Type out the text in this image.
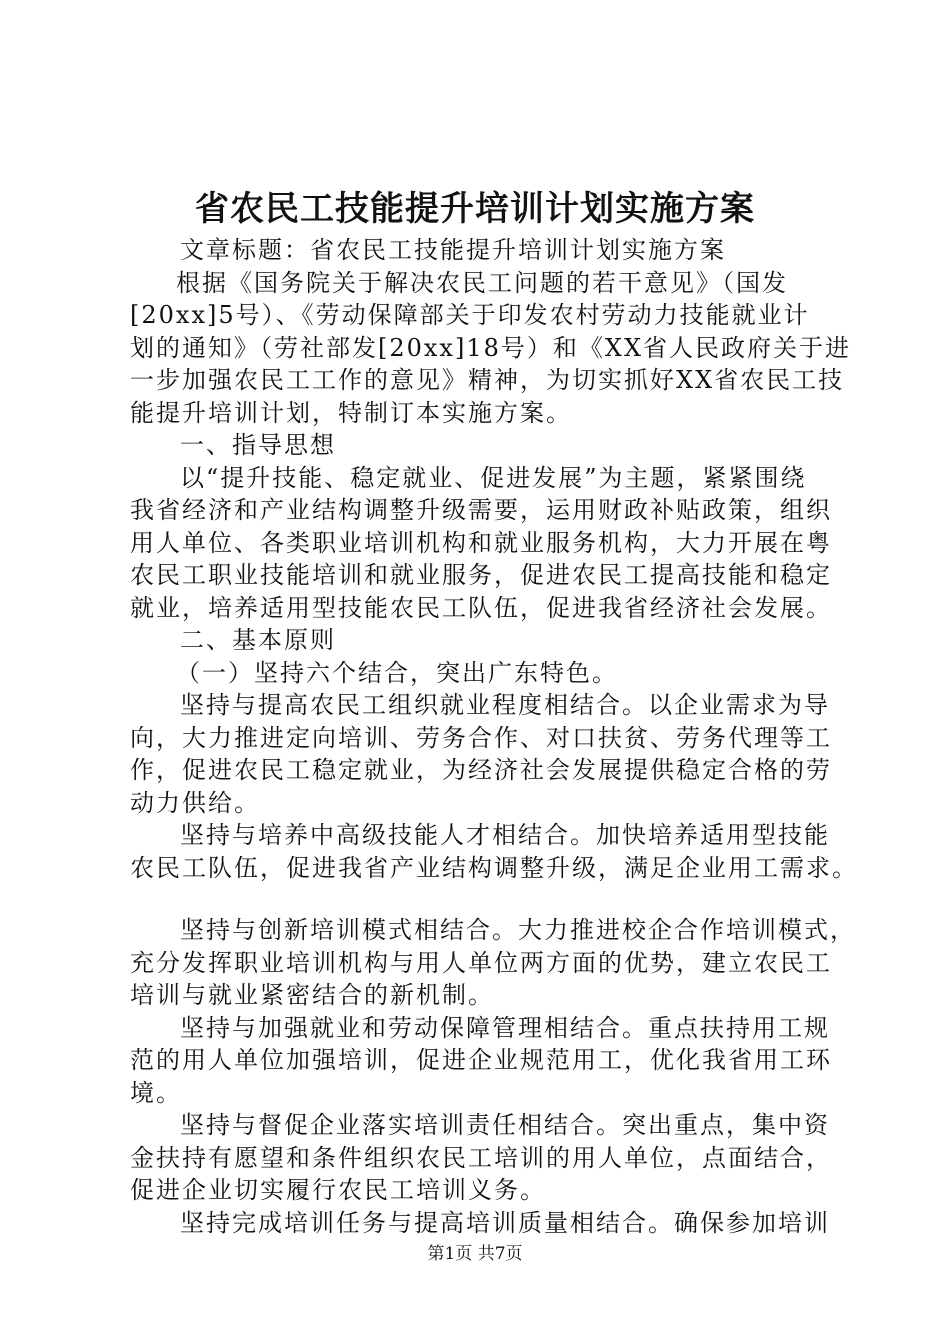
省农民工技能提升培训计划实施方案
文章标题：省农民工技能提升培训计划实施方案
根据《国务院关于解决农民工问题的若干意见》（国发
[20xx]5号）、《劳动保障部关于印发农村劳动力技能就业计
划的通知》（劳社部发[20xx]18号）和《XX省人民政府关于进
一步加强农民工工作的意见》精神，为切实抓好XX省农民工技
能提升培训计划，特制订本实施方案。
一、指导思想
以“提升技能、稳定就业、促进发展”为主题，紧紧围绕
我省经济和产业结构调整升级需要，运用财政补贴政策，组织
用人单位、各类职业培训机构和就业服务机构，大力开展在粤
农民工职业技能培训和就业服务，促进农民工提高技能和稳定
就业，培养适用型技能农民工队伍，促进我省经济社会发展。
二、基本原则
（一）坚持六个结合，突出广东特色。
坚持与提高农民工组织就业程度相结合。以企业需求为导
向，大力推进定向培训、劳务合作、对口扶贫、劳务代理等工
作，促进农民工稳定就业，为经济社会发展提供稳定合格的劳
动力供给。
坚持与培养中高级技能人才相结合。加快培养适用型技能
农民工队伍，促进我省产业结构调整升级，满足企业用工需求。
坚持与创新培训模式相结合。大力推进校企合作培训模式，
充分发挥职业培训机构与用人单位两方面的优势，建立农民工
培训与就业紧密结合的新机制。
坚持与加强就业和劳动保障管理相结合。重点扶持用工规
范的用人单位加强培训，促进企业规范用工，优化我省用工环
境。
坚持与督促企业落实培训责任相结合。突出重点，集中资
金扶持有愿望和条件组织农民工培训的用人单位，点面结合，
促进企业切实履行农民工培训义务。
坚持完成培训任务与提高培训质量相结合。确保参加培训
第1页 共7页
